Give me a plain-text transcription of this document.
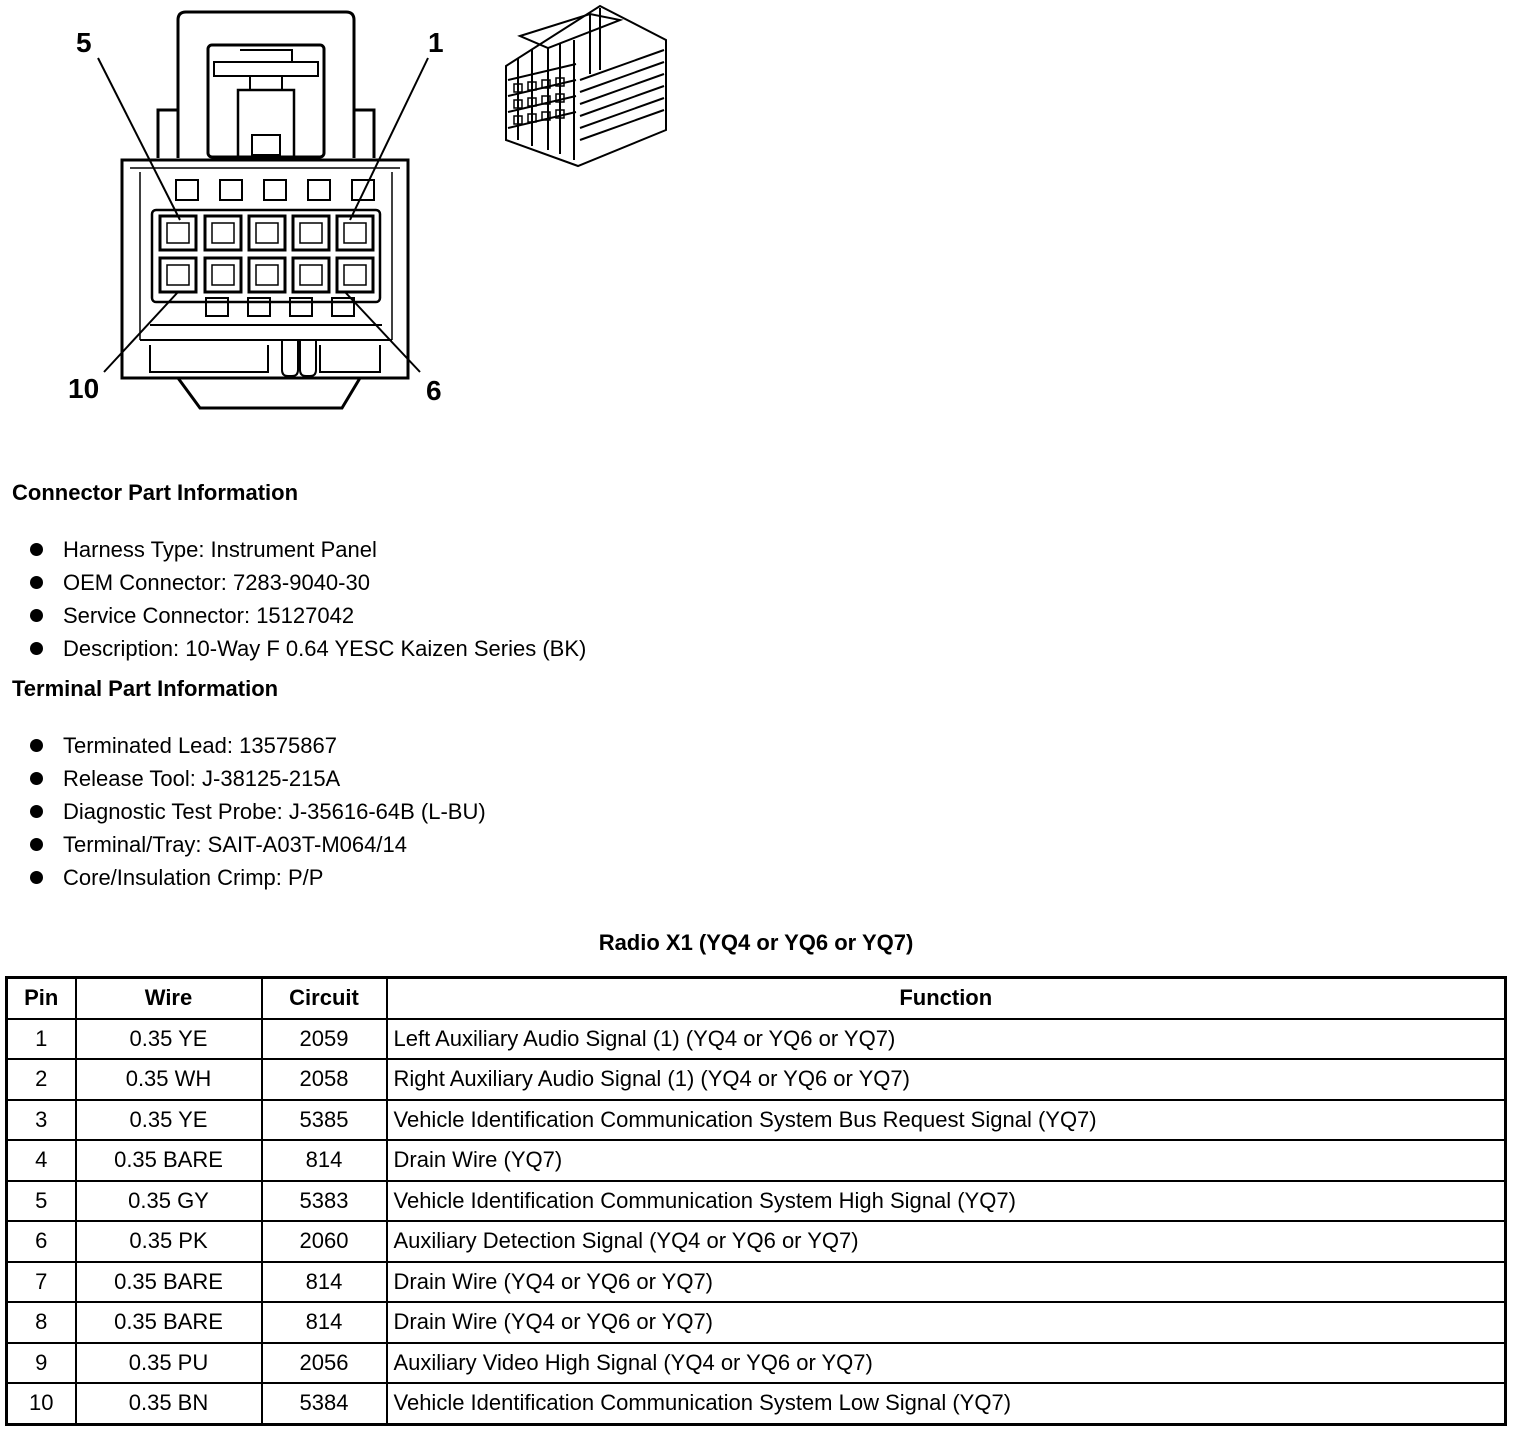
5	1
10	6
Connector Part Information
Harness Type: Instrument Panel
OEM Connector: 7283-9040-30
Service Connector: 15127042
Description: 10-Way F 0.64 YESC Kaizen Series (BK)
Terminal Part Information
Terminated Lead: 13575867
Release Tool: J-38125-215A
Diagnostic Test Probe: J-35616-64B (L-BU)
Terminal/Tray: SAIT-A03T-M064/14
Core/Insulation Crimp: P/P
Radio X1 (YQ4 or YQ6 or YQ7)
Pin	Wire	Circuit	Function
1	0.35 YE	2059	Left Auxiliary Audio Signal (1) (YQ4 or YQ6 or YQ7)
2	0.35 WH	2058	Right Auxiliary Audio Signal (1) (YQ4 or YQ6 or YQ7)
3	0.35 YE	5385	Vehicle Identification Communication System Bus Request Signal (YQ7)
4	0.35 BARE	814	Drain Wire (YQ7)
5	0.35 GY	5383	Vehicle Identification Communication System High Signal (YQ7)
6	0.35 PK	2060	Auxiliary Detection Signal (YQ4 or YQ6 or YQ7)
7	0.35 BARE	814	Drain Wire (YQ4 or YQ6 or YQ7)
8	0.35 BARE	814	Drain Wire (YQ4 or YQ6 or YQ7)
9	0.35 PU	2056	Auxiliary Video High Signal (YQ4 or YQ6 or YQ7)
10	0.35 BN	5384	Vehicle Identification Communication System Low Signal (YQ7)
